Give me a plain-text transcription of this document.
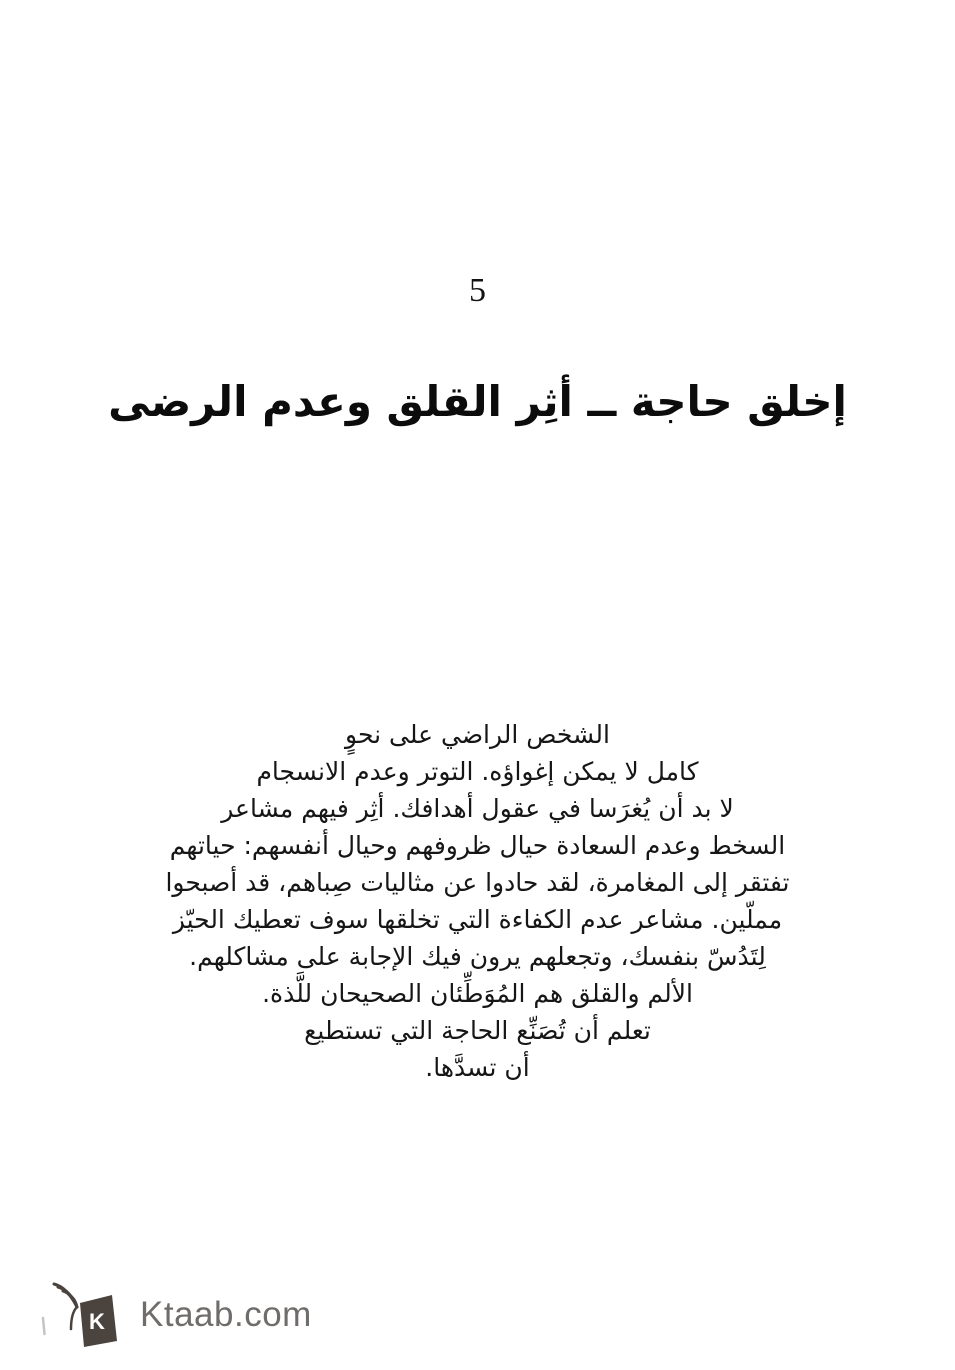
5
إخلق حاجة ــ أثِر القلق وعدم الرضى
الشخص الراضي على نحوٍ
كامل لا يمكن إغواؤه. التوتر وعدم الانسجام
لا بد أن يُغرَسا في عقول أهدافك. أثِر فيهم مشاعر
السخط وعدم السعادة حيال ظروفهم وحيال أنفسهم: حياتهم
تفتقر إلى المغامرة، لقد حادوا عن مثاليات صِباهم، قد أصبحوا
مملّين. مشاعر عدم الكفاءة التي تخلقها سوف تعطيك الحيّز
لِتَدُسّ بنفسك، وتجعلهم يرون فيك الإجابة على مشاكلهم.
الألم والقلق هم المُوَطِّئان الصحيحان للَّذة.
تعلم أن تُصَنِّع الحاجة التي تستطيع
أن تسدَّها.
K Ktaab.com
